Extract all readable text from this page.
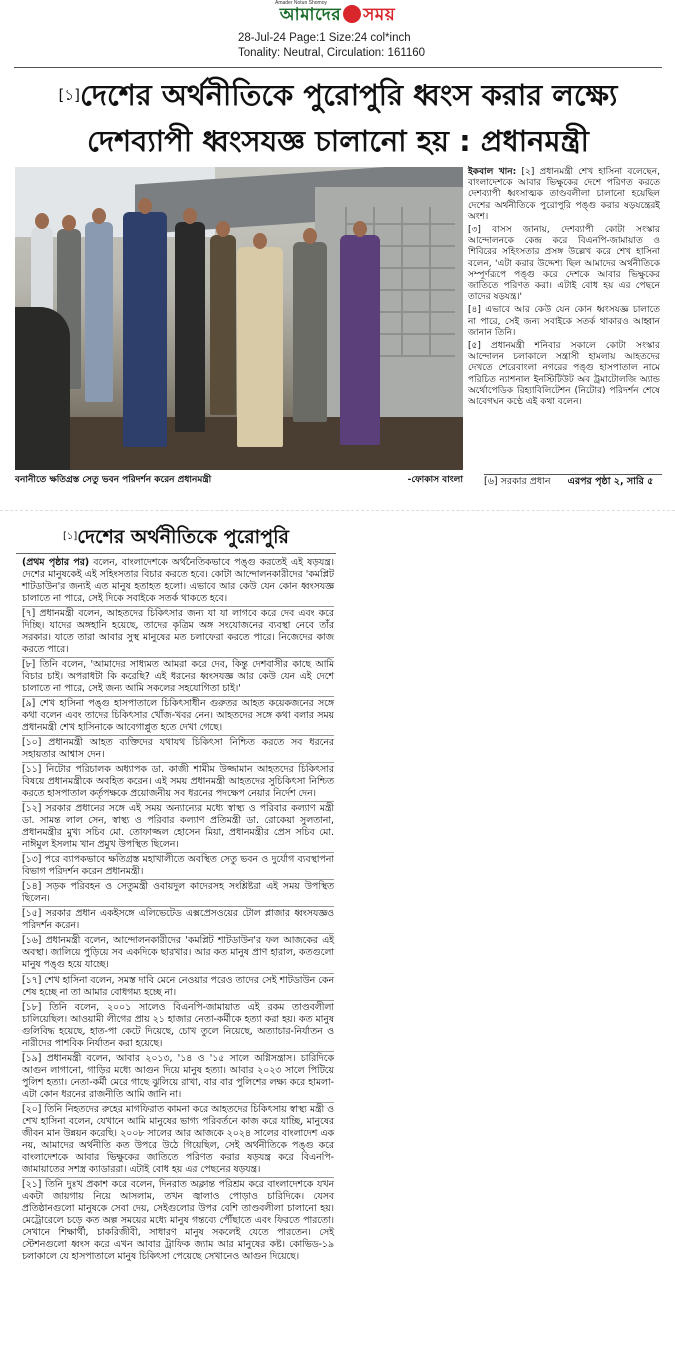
Amader Notun Shomoy
আমাদের সময়
28-Jul-24 Page:1 Size:24 col*inch
Tonality: Neutral, Circulation: 161160
[১]দেশের অর্থনীতিকে পুরোপুরি ধ্বংস করার লক্ষ্যে
দেশব্যাপী ধ্বংসযজ্ঞ চালানো হয় : প্রধানমন্ত্রী
বনানীতে ক্ষতিগ্রস্ত সেতু ভবন পরিদর্শন করেন প্রধানমন্ত্রী	-ফোকাস বাংলা

ইকবাল খান: [২] প্রধানমন্ত্রী শেখ হাসিনা বলেছেন, বাংলাদেশকে আবার ভিক্ষুকের দেশে পরিণত করতে দেশব্যাপী ধ্বংসাত্মক তাণ্ডবলীলা চালানো হয়েছিল দেশের অর্থনীতিকে পুরোপুরি পঙ্গু করার ষড়যন্ত্রেরই অংশ।

[৩] বাসস জানায়, দেশব্যাপী কোটা সংস্কার আন্দোলনকে কেন্দ্র করে বিএনপি-জামায়াত ও শিবিরের সহিংসতার প্রসঙ্গ উল্লেখ করে শেখ হাসিনা বলেন, 'এটা করার উদ্দেশ্য ছিল আমাদের অর্থনীতিকে সম্পূর্ণরূপে পঙ্গু করে দেশকে আবার ভিক্ষুকের জাতিতে পরিণত করা। এটাই বোধ হয় এর পেছনে তাদের ষড়যন্ত্র।'

[৪] এভাবে আর কেউ যেন কোন ধ্বংসযজ্ঞ চালাতে না পারে, সেই জন্য সবাইকে সতর্ক থাকারও আহ্বান জানান তিনি।

[৫] প্রধানমন্ত্রী শনিবার সকালে কোটা সংস্কার আন্দোলন চলাকালে সন্ত্রাসী হামলায় আহতদের দেখতে শেরেবাংলা নগরের পঙ্গু হাসপাতাল নামে পরিচিত ন্যাশনাল ইনস্টিটিউট অব ট্রমাটোলজি অ্যান্ড অর্থোপেডিক রিহ্যাবিলিটেশন (নিটোর) পরিদর্শন শেষে আবেগঘন কণ্ঠে এই কথা বলেন।

[৬] সরকার প্রধান এরপর পৃষ্ঠা ২, সারি ৫
[১]দেশের অর্থনীতিকে পুরোপুরি

(প্রথম পৃষ্ঠার পর) বলেন, বাংলাদেশকে অর্থনৈতিকভাবে পঙ্গু করতেই এই ষড়যন্ত্র। দেশের মানুষকেই এই সহিংসতার বিচার করতে হবে। কোটা আন্দোলনকারীদের 'কমপ্লিট শাটডাউন'র জন্যই এত মানুষ হতাহত হলো। এভাবে আর কেউ যেন কোন ধ্বংসযজ্ঞ চালাতে না পারে, সেই দিকে সবাইকে সতর্ক থাকতে হবে।

[৭] প্রধানমন্ত্রী বলেন, আহতদের চিকিৎসার জন্য যা যা লাগবে করে দেব এবং করে দিচ্ছি। যাদের অঙ্গহানি হয়েছে, তাদের কৃত্রিম অঙ্গ সংযোজনের ব্যবস্থা নেবে তাঁর সরকার। যাতে তারা আবার সুস্থ মানুষের মত চলাফেরা করতে পারে। নিজেদের কাজ করতে পারে।

[৮] তিনি বলেন, 'আমাদের সাধ্যমত আমরা করে দেব, কিন্তু দেশবাসীর কাছে আমি বিচার চাই। অপরাধটা কি করেছি? এই ধরনের ধ্বংসযজ্ঞ আর কেউ যেন এই দেশে চালাতে না পারে, সেই জন্য আমি সকলের সহযোগিতা চাই।'

[৯] শেখ হাসিনা পঙ্গু হাসপাতালে চিকিৎসাধীন গুরুতর আহত কয়েকজনের সঙ্গে কথা বলেন এবং তাদের চিকিৎসার খোঁজ-খবর নেন। আহতদের সঙ্গে কথা বলার সময় প্রধানমন্ত্রী শেখ হাসিনাকে আবেগাপ্লুত হতে দেখা গেছে।

[১০] প্রধানমন্ত্রী আহত ব্যক্তিদের যথাযথ চিকিৎসা নিশ্চিত করতে সব ধরনের সহায়তার আশ্বাস দেন।

[১১] নিটোর পরিচালক অধ্যাপক ডা. কাজী শামীম উজ্জামান আহতদের চিকিৎসার বিষয়ে প্রধানমন্ত্রীকে অবহিত করেন। এই সময় প্রধানমন্ত্রী আহতদের সুচিকিৎসা নিশ্চিত করতে হাসপাতাল কর্তৃপক্ষকে প্রয়োজনীয় সব ধরনের পদক্ষেপ নেয়ার নির্দেশ দেন।

[১২] সরকার প্রধানের সঙ্গে এই সময় অন্যান্যের মধ্যে স্বাস্থ্য ও পরিবার কল্যাণ মন্ত্রী ডা. সামন্ত লাল সেন, স্বাস্থ্য ও পরিবার কল্যাণ প্রতিমন্ত্রী ডা. রোকেয়া সুলতানা, প্রধানমন্ত্রীর মুখ্য সচিব মো. তোফাজ্জল হোসেন মিয়া, প্রধানমন্ত্রীর প্রেস সচিব মো. নাঈমুল ইসলাম খান প্রমুখ উপস্থিত ছিলেন।

[১৩] পরে ব্যাপকভাবে ক্ষতিগ্রস্ত মহাখালীতে অবস্থিত সেতু ভবন ও দুর্যোগ ব্যবস্থাপনা বিভাগ পরিদর্শন করেন প্রধানমন্ত্রী।

[১৪] সড়ক পরিবহন ও সেতুমন্ত্রী ওবায়দুল কাদেরসহ সংশ্লিষ্টরা এই সময় উপস্থিত ছিলেন।

[১৫] সরকার প্রধান একইসঙ্গে এলিভেটেড এক্সপ্রেসওয়ের টোল প্লাজার ধ্বংসযজ্ঞও পরিদর্শন করেন।

[১৬] প্রধানমন্ত্রী বলেন, আন্দোলনকারীদের 'কমপ্লিট শাটডাউন'র ফল আজকের এই অবস্থা। জালিয়ে পুড়িয়ে সব একদিকে ছারখার। আর কত মানুষ প্রাণ হারাল, কতগুলো মানুষ পঙ্গু হয়ে যাচ্ছে।

[১৭] শেখ হাসিনা বলেন, সমস্ত দাবি মেনে নেওয়ার পরেও তাদের সেই শাটডাউন কেন শেষ হচ্ছে না তা আমার বোধগম্য হচ্ছে না।

[১৮] তিনি বলেন, ২০০১ সালেও বিএনপি-জামায়াত এই রকম তাণ্ডবলীলা চালিয়েছিল। আওয়ামী লীগের প্রায় ২১ হাজার নেতা-কর্মীকে হত্যা করা হয়। কত মানুষ গুলিবিদ্ধ হয়েছে, হাত-পা কেটে দিয়েছে, চোখ তুলে নিয়েছে, অত্যাচার-নির্যাতন ও নারীদের পাশবিক নির্যাতন করা হয়েছে।

[১৯] প্রধানমন্ত্রী বলেন, আবার ২০১৩, '১৪ ও '১৫ সালে অগ্নিসন্ত্রাস। চারিদিকে আগুন লাগানো, গাড়ির মধ্যে আগুন দিয়ে মানুষ হত্যা। আবার ২০২৩ সালে পিটিয়ে পুলিশ হত্যা। নেতা-কর্মী মেরে গাছে ঝুলিয়ে রাখা, বার বার পুলিশের লক্ষ্য করে হামলা-এটা কোন ধরনের রাজনীতি আমি জানি না।

[২০] তিনি নিহতদের রুহের মাগফিরাত কামনা করে আহতদের চিকিৎসায় স্বাস্থ্য মন্ত্রী ও শেখ হাসিনা বলেন, যেখানে আমি মানুষের ভাগ্য পরিবর্তনে কাজ করে যাচ্ছি, মানুষের জীবন মান উন্নয়ন করেছি। ২০০৮ সালের আর আজকে ২০২৪ সালের বাংলাদেশ এক নয়, আমাদের অর্থনীতি কত উপরে উঠে গিয়েছিল, সেই অর্থনীতিকে পঙ্গু করে বাংলাদেশকে আবার ভিক্ষুকের জাতিতে পরিণত করার ষড়যন্ত্র করে বিএনপি-জামায়াতের সশস্ত্র ক্যাডাররা। এটাই বোধ হয় এর পেছনের ষড়যন্ত্র।

[২১] তিনি দুঃখ প্রকাশ করে বলেন, দিনরাত অক্লান্ত পরিশ্রম করে বাংলাদেশকে যখন একটা জায়গায় নিয়ে আসলাম, তখন জ্বালাও পোড়াও চারিদিকে। যেসব প্রতিষ্ঠানগুলো মানুষকে সেবা দেয়, সেইগুলোর উপর বেশি তাণ্ডবলীলা চালানো হয়। মেট্রোরেলে চড়ে কত অল্প সময়ের মধ্যে মানুষ গন্তব্যে পৌঁছাতে এবং ফিরতে পারতো। সেখানে শিক্ষার্থী, চাকরিজীবী, সাধারণ মানুষ সকলেই যেতে পারতেন। সেই স্টেশনগুলো ধ্বংস করে এখন আবার ট্রাফিক জ্যাম আর মানুষের কষ্ট। কোভিড-১৯ চলাকালে যে হাসপাতালে মানুষ চিকিৎসা পেয়েছে সেখানেও আগুন দিয়েছে।
